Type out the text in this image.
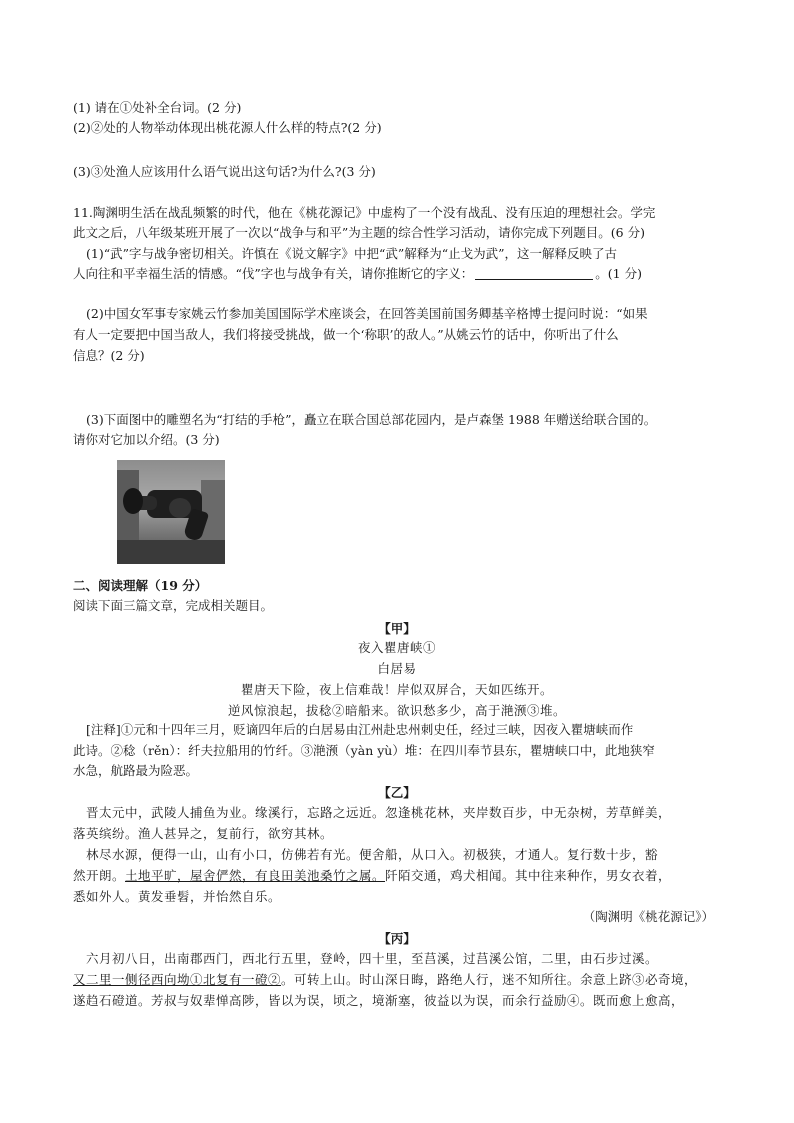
(1) 请在①处补全台词。(2 分)
(2)②处的人物举动体现出桃花源人什么样的特点?(2 分)
(3)③处渔人应该用什么语气说出这句话?为什么?(3 分)
11.陶渊明生活在战乱频繁的时代，他在《桃花源记》中虚构了一个没有战乱、没有压迫的理想社会。学完
此文之后，八年级某班开展了一次以“战争与和平”为主题的综合性学习活动，请你完成下列题目。(6 分)
(1)“武”字与战争密切相关。许慎在《说文解字》中把“武”解释为“止戈为武”，这一解释反映了古
人向往和平幸福生活的情感。“伐”字也与战争有关，请你推断它的字义：	。(1 分)
(2)中国女军事专家姚云竹参加美国国际学术座谈会，在回答美国前国务卿基辛格博士提问时说：“如果
有人一定要把中国当敌人，我们将接受挑战，做一个‘称职’的敌人。”从姚云竹的话中，你听出了什么
信息？(2 分)
(3)下面图中的雕塑名为“打结的手枪”，矗立在联合国总部花园内，是卢森堡 1988 年赠送给联合国的。
请你对它加以介绍。(3 分)
二、阅读理解（19 分）
阅读下面三篇文章，完成相关题目。
【甲】
夜入瞿唐峡①
白居易
瞿唐天下险，夜上信难哉！岸似双屏合，天如匹练开。
逆风惊浪起，拔稔②暗船来。欲识愁多少，高于滟滪③堆。
[注释]①元和十四年三月，贬谪四年后的白居易由江州赴忠州刺史任，经过三峡，因夜入瞿塘峡而作
此诗。②稔（rěn）：纤夫拉船用的竹纤。③滟滪（yàn yù）堆：在四川奉节县东，瞿塘峡口中，此地狭窄
水急，航路最为险恶。
【乙】
晋太元中，武陵人捕鱼为业。缘溪行，忘路之远近。忽逢桃花林，夹岸数百步，中无杂树，芳草鲜美，
落英缤纷。渔人甚异之，复前行，欲穷其林。
林尽水源，便得一山，山有小口，仿佛若有光。便舍船，从口入。初极狭，才通人。复行数十步，豁
然开朗。土地平旷，屋舍俨然，有良田美池桑竹之属。阡陌交通，鸡犬相闻。其中往来种作，男女衣着，
悉如外人。黄发垂髫，并怡然自乐。
（陶渊明《桃花源记》）
【丙】
六月初八日，出南郡西门，西北行五里，登岭，四十里，至莒溪，过莒溪公馆，二里，由石步过溪。
又二里一侧径西向坳①北复有一磴②。可转上山。时山深日晦，路绝人行，迷不知所往。余意上跻③必奇境，
遂趋石磴道。芳叔与奴辈惮高陟，皆以为误，顷之，境渐塞，彼益以为误，而余行益励④。既而愈上愈高，
